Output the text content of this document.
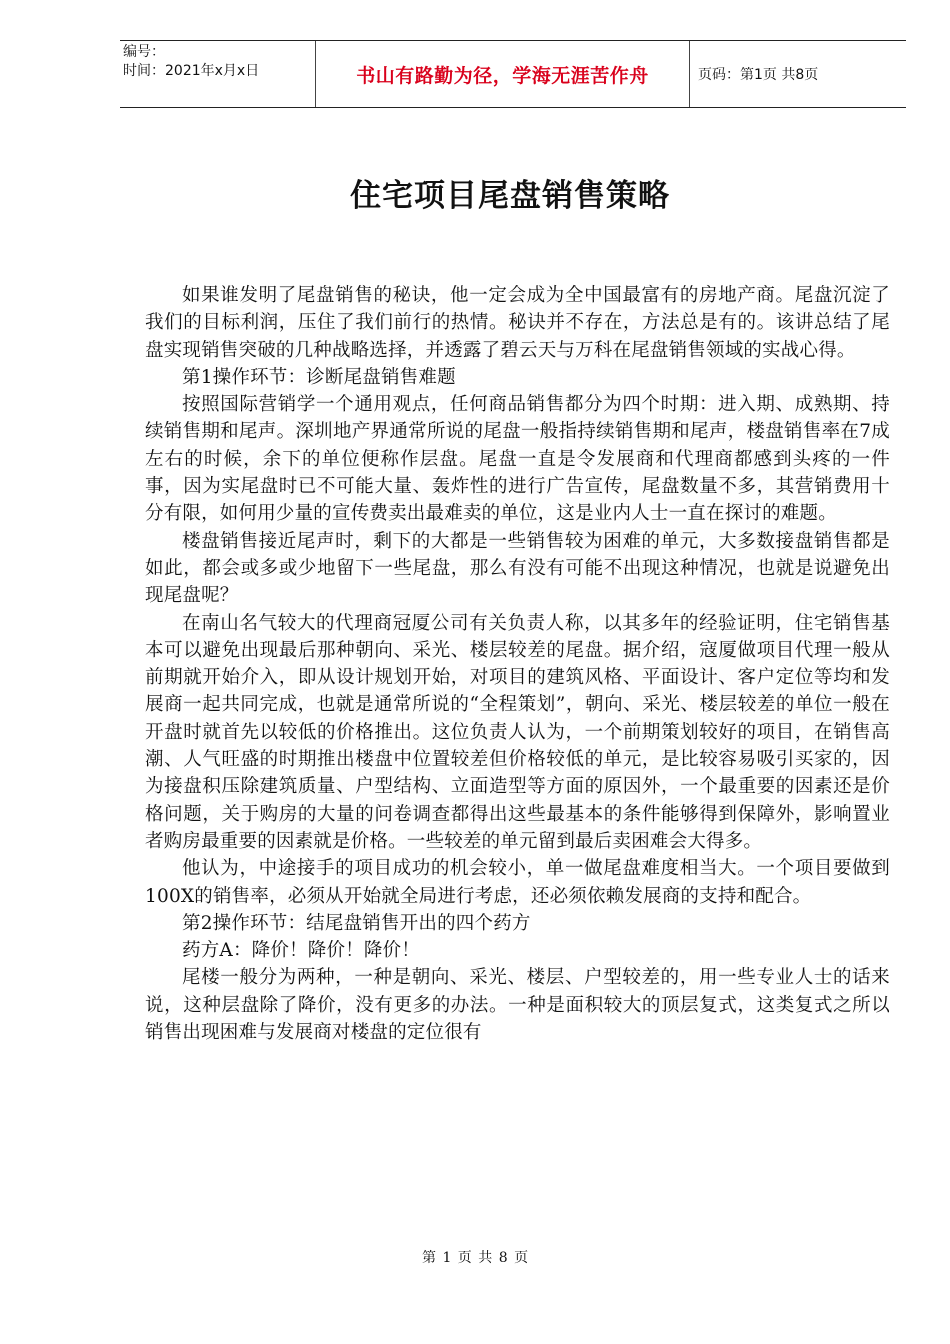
编号：
时间：2021年x月x日	书山有路勤为径，学海无涯苦作舟	页码：第1页 共8页
住宅项目尾盘销售策略

如果谁发明了尾盘销售的秘诀，他一定会成为全中国最富有的房地产商。尾盘沉淀了我们的目标利润，压住了我们前行的热情。秘诀并不存在，方法总是有的。该讲总结了尾盘实现销售突破的几种战略选择，并透露了碧云天与万科在尾盘销售领域的实战心得。

第1操作环节：诊断尾盘销售难题

按照国际营销学一个通用观点，任何商品销售都分为四个时期：进入期、成熟期、持续销售期和尾声。深圳地产界通常所说的尾盘一般指持续销售期和尾声，楼盘销售率在7成左右的时候，余下的单位便称作层盘。尾盘一直是令发展商和代理商都感到头疼的一件事，因为实尾盘时已不可能大量、轰炸性的进行广告宣传，尾盘数量不多，其营销费用十分有限，如何用少量的宣传费卖出最难卖的单位，这是业内人士一直在探讨的难题。

楼盘销售接近尾声时，剩下的大都是一些销售较为困难的单元，大多数接盘销售都是如此，都会或多或少地留下一些尾盘，那么有没有可能不出现这种情况，也就是说避免出现尾盘呢？

在南山名气较大的代理商冠厦公司有关负责人称，以其多年的经验证明，住宅销售基本可以避免出现最后那种朝向、采光、楼层较差的尾盘。据介绍，寇厦做项目代理一般从前期就开始介入，即从设计规划开始，对项目的建筑风格、平面设计、客户定位等均和发展商一起共同完成，也就是通常所说的“全程策划”，朝向、采光、楼层较差的单位一般在开盘时就首先以较低的价格推出。这位负责人认为，一个前期策划较好的项目，在销售高潮、人气旺盛的时期推出楼盘中位置较差但价格较低的单元，是比较容易吸引买家的，因为接盘积压除建筑质量、户型结构、立面造型等方面的原因外，一个最重要的因素还是价格问题，关于购房的大量的问卷调查都得出这些最基本的条件能够得到保障外，影响置业者购房最重要的因素就是价格。一些较差的单元留到最后卖困难会大得多。

他认为，中途接手的项目成功的机会较小，单一做尾盘难度相当大。一个项目要做到100X的销售率，必须从开始就全局进行考虑，还必须依赖发展商的支持和配合。

第2操作环节：结尾盘销售开出的四个药方

药方A：降价！降价！降价！

尾楼一般分为两种，一种是朝向、采光、楼层、户型较差的，用一些专业人士的话来说，这种层盘除了降价，没有更多的办法。一种是面积较大的顶层复式，这类复式之所以销售出现困难与发展商对楼盘的定位很有

第 1 页 共 8 页
